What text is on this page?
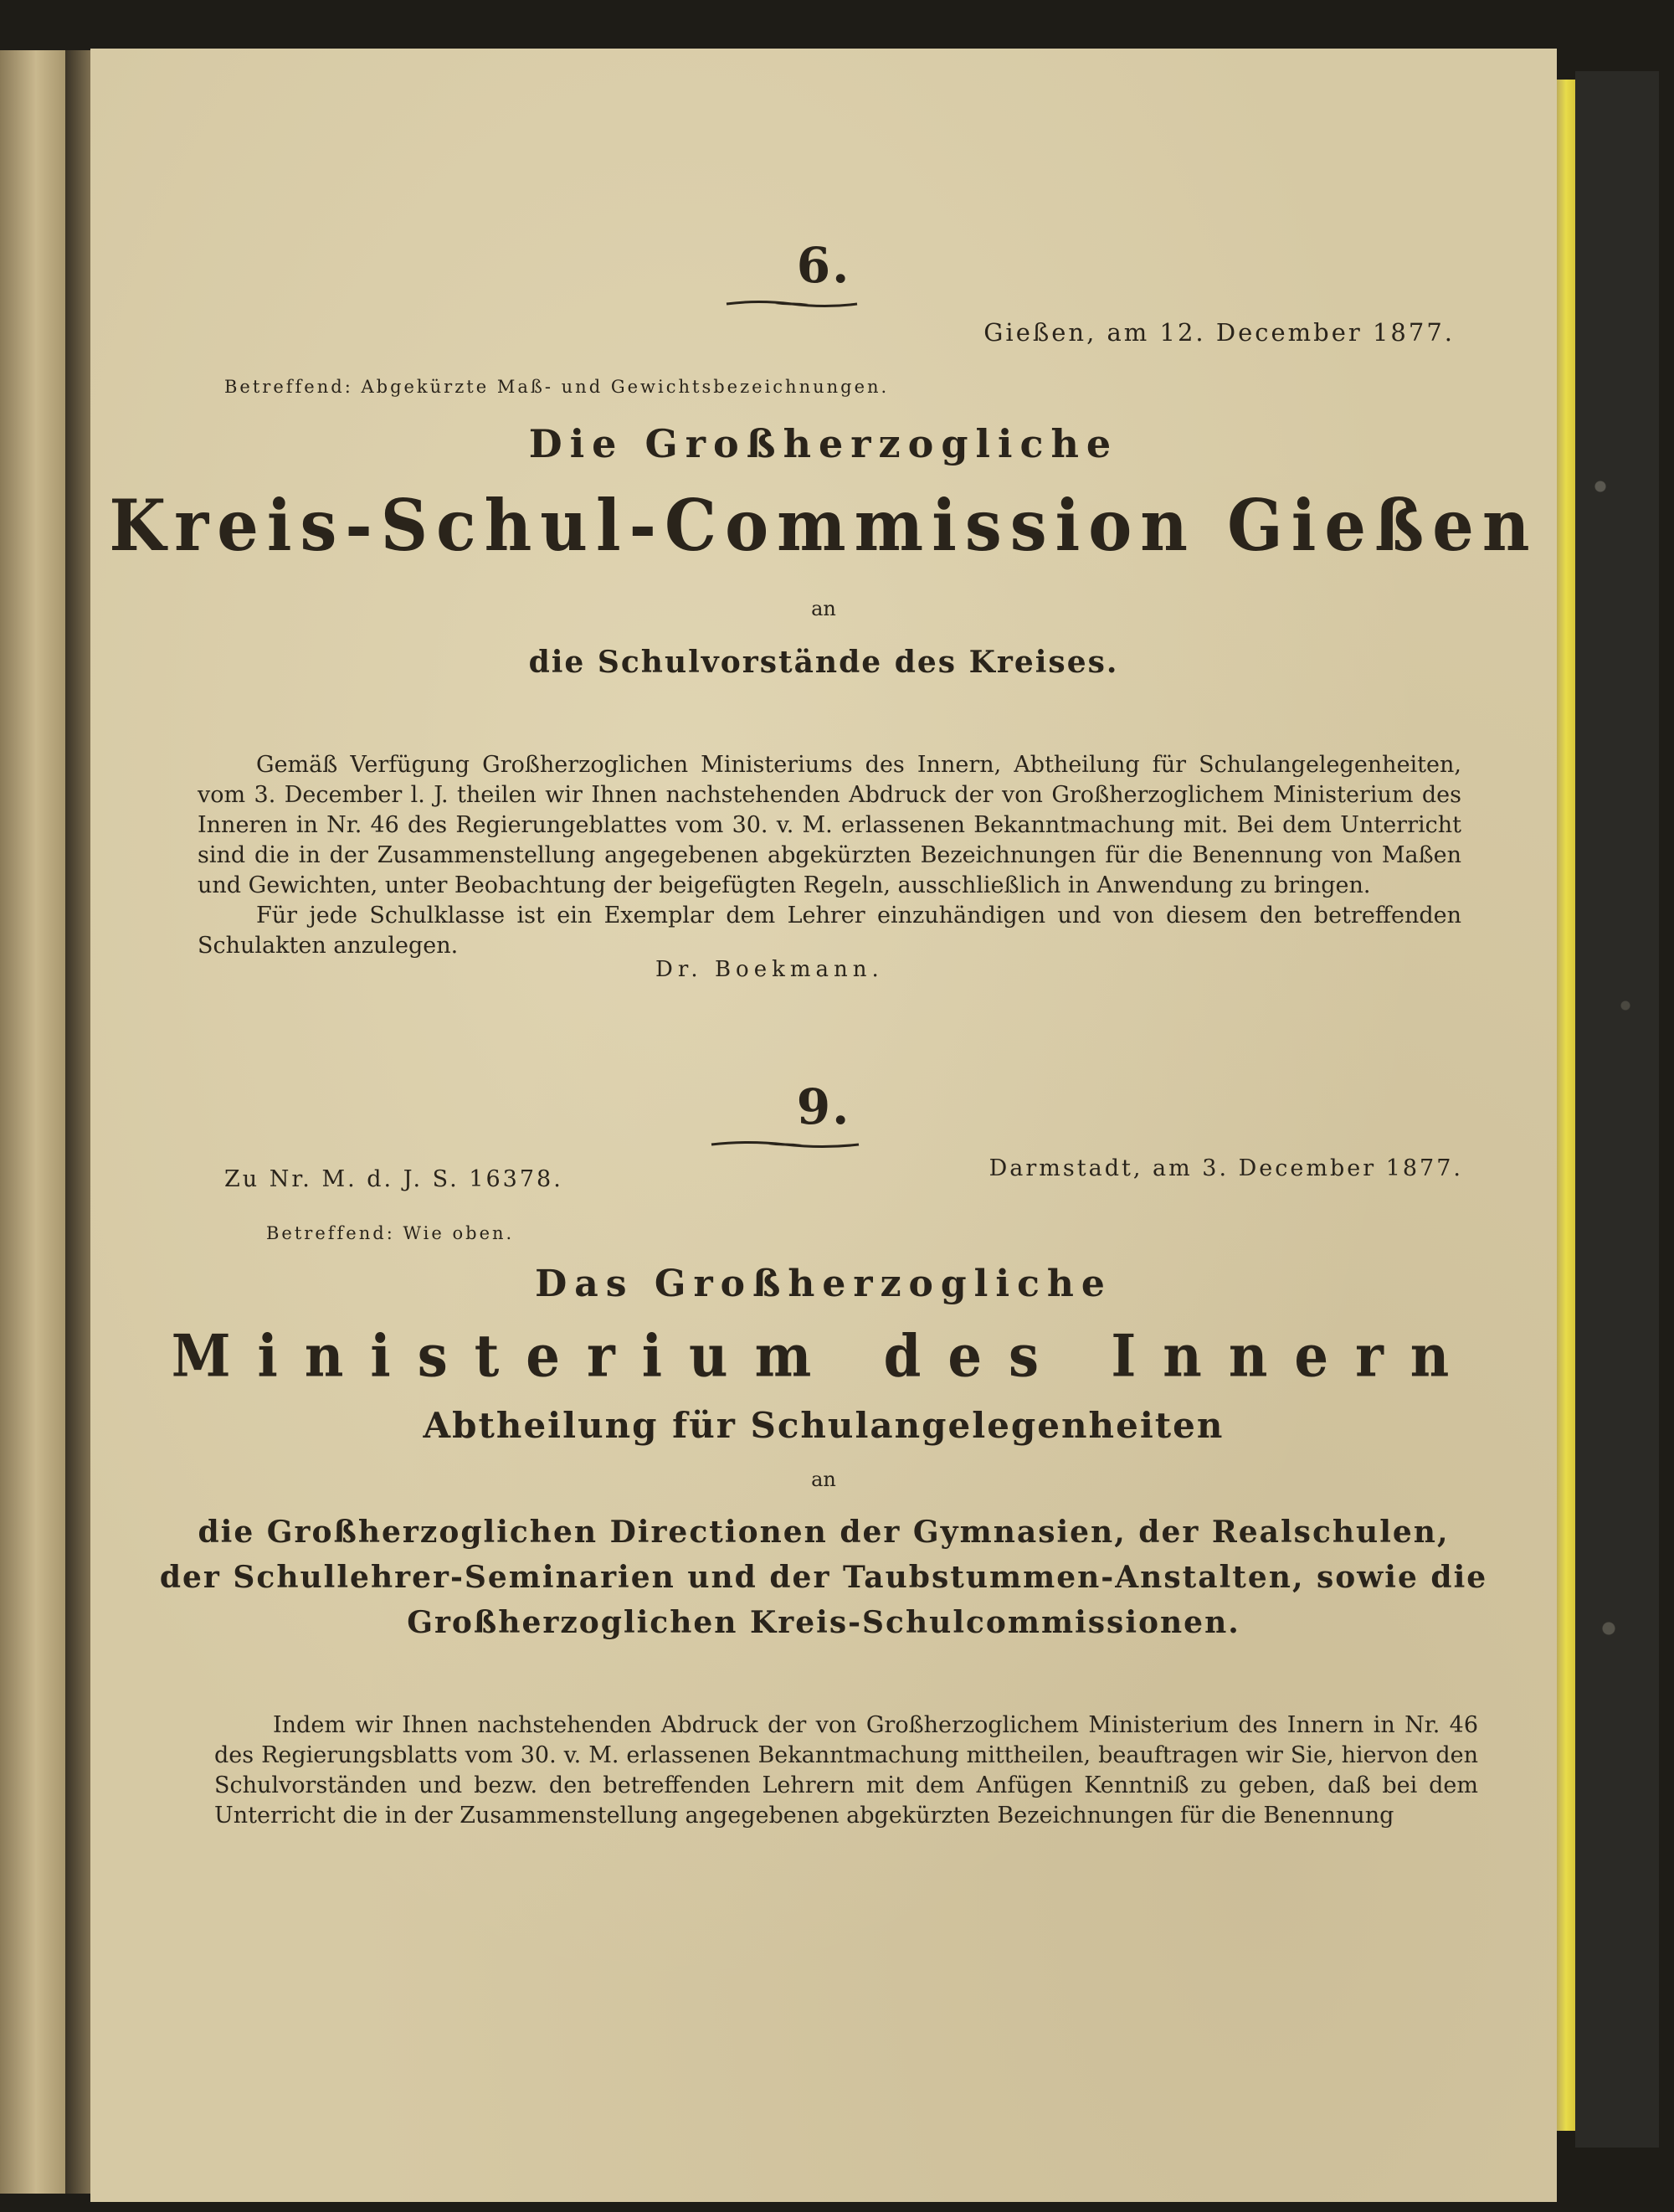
6.
Gießen, am 12. December 1877.
Betreffend: Abgekürzte Maß- und Gewichtsbezeichnungen.
Die Großherzogliche
Kreis-Schul-Commission Gießen
an
die Schulvorstände des Kreises.

Gemäß Verfügung Großherzoglichen Ministeriums des Innern, Abtheilung für Schulangelegenheiten, vom 3. December l. J. theilen wir Ihnen nachstehenden Abdruck der von Großherzoglichem Ministerium des Inneren in Nr. 46 des Regierungeblattes vom 30. v. M. erlassenen Bekanntmachung mit. Bei dem Unterricht sind die in der Zusammenstellung angegebenen abgekürzten Bezeichnungen für die Benennung von Maßen und Gewichten, unter Beobachtung der beigefügten Regeln, ausschließlich in Anwendung zu bringen.

Für jede Schulklasse ist ein Exemplar dem Lehrer einzuhändigen und von diesem den betreffenden Schulakten anzulegen.

Dr. Boekmann.
9.
Zu Nr. M. d. J. S. 16378.	Darmstadt, am 3. December 1877.
Betreffend: Wie oben.
Das Großherzogliche
Ministerium des Innern
Abtheilung für Schulangelegenheiten
an
die Großherzoglichen Directionen der Gymnasien, der Realschulen,
der Schullehrer-Seminarien und der Taubstummen-Anstalten, sowie die
Großherzoglichen Kreis-Schulcommissionen.

Indem wir Ihnen nachstehenden Abdruck der von Großherzoglichem Ministerium des Innern in Nr. 46 des Regierungsblatts vom 30. v. M. erlassenen Bekanntmachung mittheilen, beauftragen wir Sie, hiervon den Schulvorständen und bezw. den betreffenden Lehrern mit dem Anfügen Kenntniß zu geben, daß bei dem Unterricht die in der Zusammenstellung angegebenen abgekürzten Bezeichnungen für die Benennung
